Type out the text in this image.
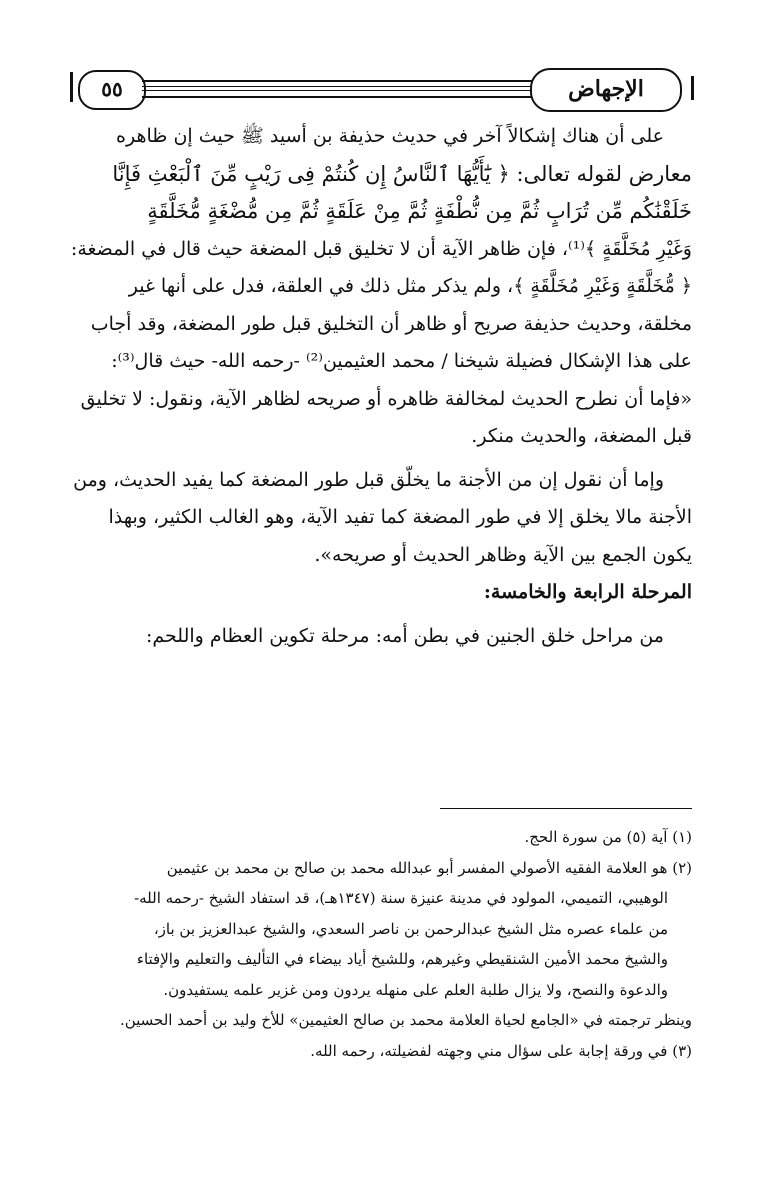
٥٥	الإجهاض

على أن هناك إشكالاً آخر في حديث حذيفة بن أسيد ﷺ حيث إن ظاهره

معارض لقوله تعالى: ﴿ يَٰٓأَيُّهَا ٱلنَّاسُ إِن كُنتُمْ فِى رَيْبٍ مِّنَ ٱلْبَعْثِ فَإِنَّا

خَلَقْنَٰكُم مِّن تُرَابٍ ثُمَّ مِن نُّطْفَةٍ ثُمَّ مِنْ عَلَقَةٍ ثُمَّ مِن مُّضْغَةٍ مُّخَلَّقَةٍ

وَغَيْرِ مُخَلَّقَةٍ ﴾⁽¹⁾، فإن ظاهر الآية أن لا تخليق قبل المضغة حيث قال في المضغة:

﴿ مُّخَلَّقَةٍ وَغَيْرِ مُخَلَّقَةٍ ﴾، ولم يذكر مثل ذلك في العلقة، فدل على أنها غير

مخلقة، وحديث حذيفة صريح أو ظاهر أن التخليق قبل طور المضغة، وقد أجاب

على هذا الإشكال فضيلة شيخنا / محمد العثيمين⁽²⁾ -رحمه الله- حيث قال⁽³⁾:

«فإما أن نطرح الحديث لمخالفة ظاهره أو صريحه لظاهر الآية، ونقول: لا تخليق

قبل المضغة، والحديث منكر.

وإما أن نقول إن من الأجنة ما يخلّق قبل طور المضغة كما يفيد الحديث، ومن

الأجنة مالا يخلق إلا في طور المضغة كما تفيد الآية، وهو الغالب الكثير، وبهذا

يكون الجمع بين الآية وظاهر الحديث أو صريحه».

المرحلة الرابعة والخامسة:

من مراحل خلق الجنين في بطن أمه: مرحلة تكوين العظام واللحم:

(١) آية (٥) من سورة الحج.

(٢) هو العلامة الفقيه الأصولي المفسر أبو عبدالله محمد بن صالح بن محمد بن عثيمين

الوهيبي، التميمي، المولود في مدينة عنيزة سنة (١٣٤٧هـ)، قد استفاد الشيخ -رحمه الله-

من علماء عصره مثل الشيخ عبدالرحمن بن ناصر السعدي، والشيخ عبدالعزيز بن باز،

والشيخ محمد الأمين الشنقيطي وغيرهم، وللشيخ أياد بيضاء في التأليف والتعليم والإفتاء

والدعوة والنصح، ولا يزال طلبة العلم على منهله يردون ومن غزير علمه يستفيدون.

وينظر ترجمته في «الجامع لحياة العلامة محمد بن صالح العثيمين» للأخ وليد بن أحمد الحسين.

(٣) في ورقة إجابة على سؤال مني وجهته لفضيلته، رحمه الله.
